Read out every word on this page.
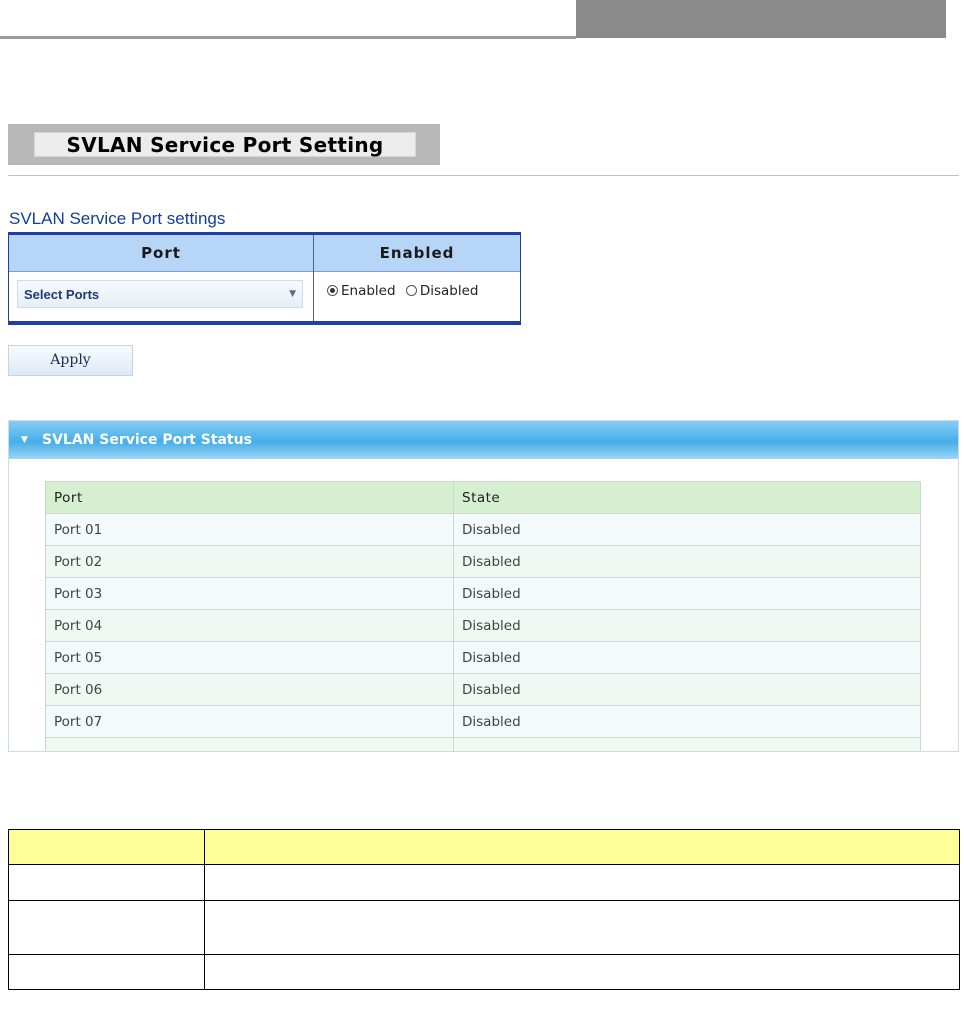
SVLAN Service Port Setting
SVLAN Service Port settings
Port	Enabled
Select Ports	▼	Enabled Disabled
Apply
▼ SVLAN Service Port Status
Port	State
Port 01	Disabled
Port 02	Disabled
Port 03	Disabled
Port 04	Disabled
Port 05	Disabled
Port 06	Disabled
Port 07	Disabled
